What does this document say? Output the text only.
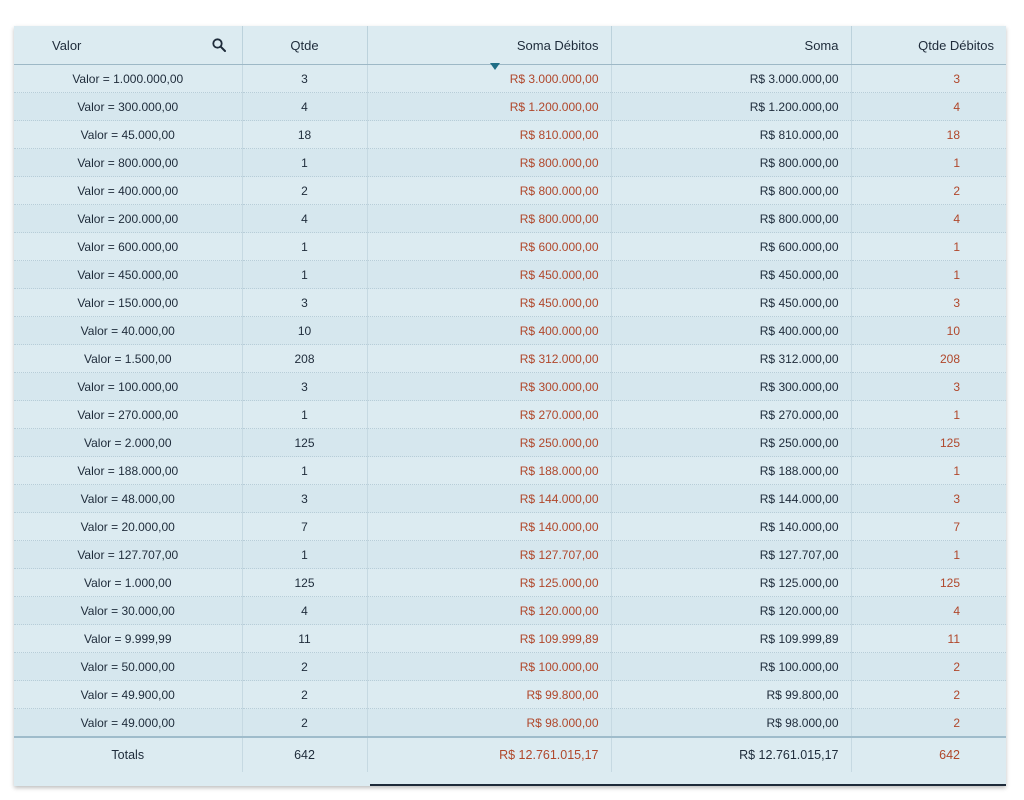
Valor	Qtde	Soma Débitos	Soma	Qtde Débitos
Valor = 1.000.000,00	3	R$ 3.000.000,00	R$ 3.000.000,00	3
Valor = 300.000,00	4	R$ 1.200.000,00	R$ 1.200.000,00	4
Valor = 45.000,00	18	R$ 810.000,00	R$ 810.000,00	18
Valor = 800.000,00	1	R$ 800.000,00	R$ 800.000,00	1
Valor = 400.000,00	2	R$ 800.000,00	R$ 800.000,00	2
Valor = 200.000,00	4	R$ 800.000,00	R$ 800.000,00	4
Valor = 600.000,00	1	R$ 600.000,00	R$ 600.000,00	1
Valor = 450.000,00	1	R$ 450.000,00	R$ 450.000,00	1
Valor = 150.000,00	3	R$ 450.000,00	R$ 450.000,00	3
Valor = 40.000,00	10	R$ 400.000,00	R$ 400.000,00	10
Valor = 1.500,00	208	R$ 312.000,00	R$ 312.000,00	208
Valor = 100.000,00	3	R$ 300.000,00	R$ 300.000,00	3
Valor = 270.000,00	1	R$ 270.000,00	R$ 270.000,00	1
Valor = 2.000,00	125	R$ 250.000,00	R$ 250.000,00	125
Valor = 188.000,00	1	R$ 188.000,00	R$ 188.000,00	1
Valor = 48.000,00	3	R$ 144.000,00	R$ 144.000,00	3
Valor = 20.000,00	7	R$ 140.000,00	R$ 140.000,00	7
Valor = 127.707,00	1	R$ 127.707,00	R$ 127.707,00	1
Valor = 1.000,00	125	R$ 125.000,00	R$ 125.000,00	125
Valor = 30.000,00	4	R$ 120.000,00	R$ 120.000,00	4
Valor = 9.999,99	11	R$ 109.999,89	R$ 109.999,89	11
Valor = 50.000,00	2	R$ 100.000,00	R$ 100.000,00	2
Valor = 49.900,00	2	R$ 99.800,00	R$ 99.800,00	2
Valor = 49.000,00	2	R$ 98.000,00	R$ 98.000,00	2
Totals	642	R$ 12.761.015,17	R$ 12.761.015,17	642
